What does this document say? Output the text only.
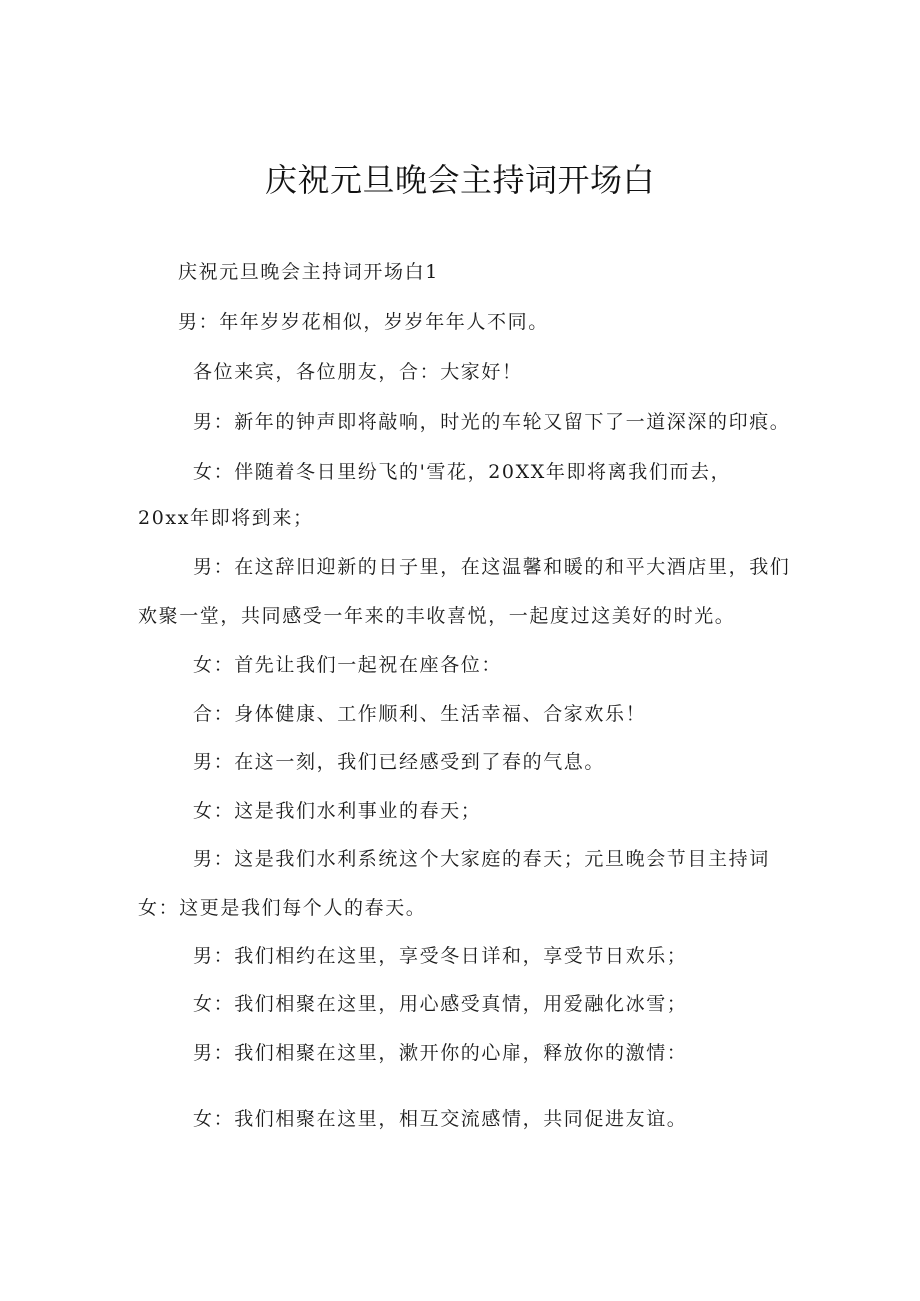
庆祝元旦晚会主持词开场白
庆祝元旦晚会主持词开场白1
男：年年岁岁花相似，岁岁年年人不同。
各位来宾，各位朋友，合：大家好！
男：新年的钟声即将敲响，时光的车轮又留下了一道深深的印痕。
女：伴随着冬日里纷飞的'雪花，20XX年即将离我们而去，
20xx年即将到来；
男：在这辞旧迎新的日子里，在这温馨和暖的和平大酒店里，我们
欢聚一堂，共同感受一年来的丰收喜悦，一起度过这美好的时光。
女：首先让我们一起祝在座各位：
合：身体健康、工作顺利、生活幸福、合家欢乐！
男：在这一刻，我们已经感受到了春的气息。
女：这是我们水利事业的春天；
男：这是我们水利系统这个大家庭的春天；元旦晚会节目主持词
女：这更是我们每个人的春天。
男：我们相约在这里，享受冬日详和，享受节日欢乐；
女：我们相聚在这里，用心感受真情，用爱融化冰雪；
男：我们相聚在这里，漱开你的心扉，释放你的激情：
女：我们相聚在这里，相互交流感情，共同促进友谊。
